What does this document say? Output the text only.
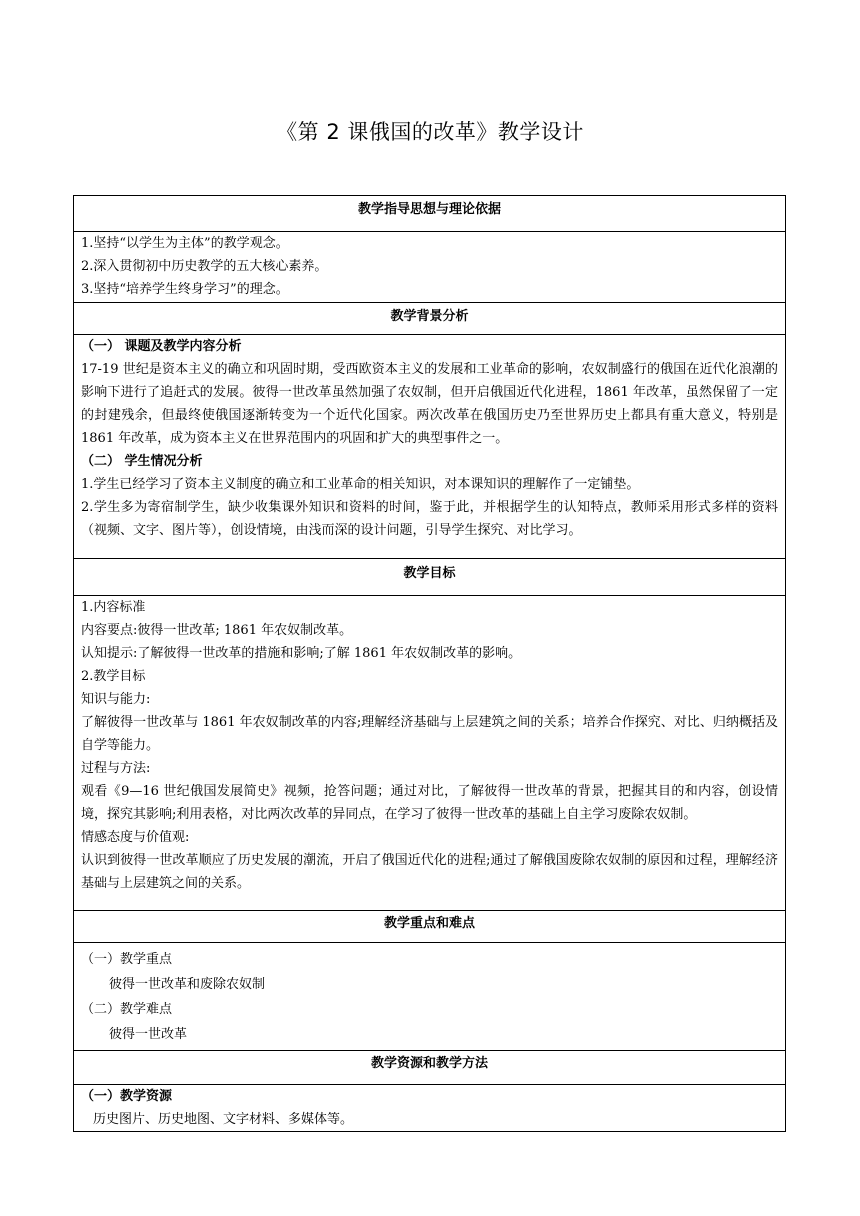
《第 2 课俄国的改革》教学设计
教学指导思想与理论依据
1.坚持“以学生为主体”的教学观念。
2.深入贯彻初中历史教学的五大核心素养。
3.坚持“培养学生终身学习”的理念。
教学背景分析
（一） 课题及教学内容分析
17-19 世纪是资本主义的确立和巩固时期，受西欧资本主义的发展和工业革命的影响，农奴制盛行的俄国在近代化浪潮的影响下进行了追赶式的发展。彼得一世改革虽然加强了农奴制，但开启俄国近代化进程，1861 年改革，虽然保留了一定的封建残余，但最终使俄国逐渐转变为一个近代化国家。两次改革在俄国历史乃至世界历史上都具有重大意义，特别是 1861 年改革，成为资本主义在世界范围内的巩固和扩大的典型事件之一。
（二） 学生情况分析
1.学生已经学习了资本主义制度的确立和工业革命的相关知识，对本课知识的理解作了一定铺垫。
2.学生多为寄宿制学生，缺少收集课外知识和资料的时间，鉴于此，并根据学生的认知特点，教师采用形式多样的资料（视频、文字、图片等），创设情境，由浅而深的设计问题，引导学生探究、对比学习。
教学目标
1.内容标准
内容要点:彼得一世改革; 1861 年农奴制改革。
认知提示:了解彼得一世改革的措施和影响;了解 1861 年农奴制改革的影响。
2.教学目标
知识与能力:
了解彼得一世改革与 1861 年农奴制改革的内容;理解经济基础与上层建筑之间的关系；培养合作探究、对比、归纳概括及自学等能力。
过程与方法:
观看《9—16 世纪俄国发展简史》视频，抢答问题；通过对比，了解彼得一世改革的背景，把握其目的和内容，创设情境，探究其影响;利用表格，对比两次改革的异同点，在学习了彼得一世改革的基础上自主学习废除农奴制。
情感态度与价值观:
认识到彼得一世改革顺应了历史发展的潮流，开启了俄国近代化的进程;通过了解俄国废除农奴制的原因和过程，理解经济基础与上层建筑之间的关系。
教学重点和难点
（一）教学重点
彼得一世改革和废除农奴制
（二）教学难点
彼得一世改革
教学资源和教学方法
（一）教学资源
历史图片、历史地图、文字材料、多媒体等。
